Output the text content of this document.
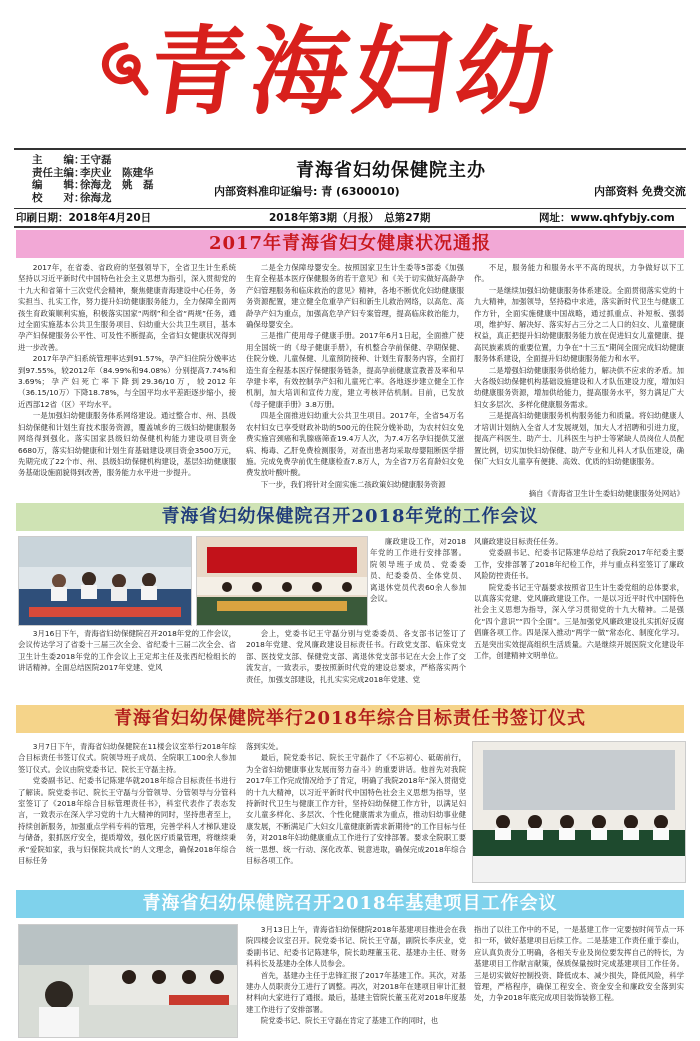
青海妇幼
主　　编：王守磊
责任主编：李庆业　陈建华
编　　辑：徐海龙　姚　磊
校　　对：徐海龙
青海省妇幼保健院主办
内部资料准印证编号: 青 (6300010)	内部资料 免费交流
印刷日期：2018年4月20日	2018年第3期（月报）　总第27期	网址：www.qhfybjy.com
2017年青海省妇女健康状况通报

2017年，在省委、省政府的坚强领导下，全省卫生计生系统坚持以习近平新时代中国特色社会主义思想为指引，深入贯彻党的十九大和省第十三次党代会精神，聚焦健康青海建设中心任务，务实担当、扎实工作，努力提升妇幼健康服务能力，全力保障全面两孩生育政策顺利实施，积极落实国家“两纲”和全省“两规”任务，通过全面实施基本公共卫生服务项目、妇幼重大公共卫生项目，基本孕产妇保健服务公平性、可及性不断提高，全省妇女健康状况得到进一步改善。

2017年孕产妇系统管理率达到91.57%，孕产妇住院分娩率达到97.55%，较2012年（84.99%和94.08%）分别提高7.74%和3.69%；孕产妇死亡率下降到29.36/10万，较2012年（36.15/10万）下降18.78%，与全国平均水平差距逐步缩小，接近西部12省（区）平均水平。

一是加强妇幼健康服务体系网络建设。通过整合市、州、县级妇幼保健和计划生育技术服务资源，覆盖城乡的三级妇幼健康服务网络得到强化。落实国家县级妇幼保健机构能力建设项目资金6680万，落实妇幼健康和计划生育基础建设项目资金3500万元，先期完成了22个市、州、县级妇幼保健机构建设，基层妇幼健康服务基础设施面貌得到改善，服务能力水平进一步提升。

二是全力保障母婴安全。按照国家卫生计生委等5部委《加强生育全程基本医疗保健服务的若干意见》和《关于切实做好高龄孕产妇管理服务和临床救治的意见》精神，各地不断优化妇幼健康服务资源配置，建立健全危重孕产妇和新生儿救治网络，以高危、高龄孕产妇为重点，加强高危孕产妇专案管理，提高临床救治能力，确保母婴安全。

三是推广使用母子健康手册。2017年6月1日起，全面推广使用全国统一的《母子健康手册》，有机整合孕前保健、孕期保健、住院分娩、儿童保健、儿童预防接种、计划生育服务内容，全面打造生育全程基本医疗保健服务链条，提高孕前健康宣教普及率和早孕建卡率，有效控制孕产妇和儿童死亡率。各地逐步建立健全工作机制，加大培训和宣传力度，建立考核评估机制。目前，已发放《母子健康手册》3.8万册。

四是全面推进妇幼重大公共卫生项目。2017年，全省54万名农村妇女已享受财政补助的500元的住院分娩补助，为农村妇女免费实施宫颈癌和乳腺癌筛查19.4万人次，为7.4万名孕妇提供艾滋病、梅毒、乙肝免费检测服务，对查出患者均采取母婴阻断医学措施。完成免费孕前优生健康检查7.8万人，为全省7万名育龄妇女免费发放叶酸叶酸。

下一步，我们将针对全面实施二孩政策妇幼健康服务资源

不足，服务能力和服务水平不高的现状，力争做好以下工作。

一是继续加强妇幼健康服务体系建设。全面贯彻落实党的十九大精神，加强领导，坚持稳中求进，落实新时代卫生与健康工作方针，全面实施健康中国战略，通过抓重点、补短板、强弱项，维护好、解决好、落实好占三分之二人口的妇女、儿童健康权益，真正把提升妇幼健康服务能力放在促进妇女儿童健康、提高民族素质的重要位置，力争在“十三五”期间全面完成妇幼健康服务体系建设，全面提升妇幼健康服务能力和水平。

二是增强妇幼健康服务供给能力，解决供不应求的矛盾。加大各级妇幼保健机构基础设施建设和人才队伍建设力度，增加妇幼健康服务资源，增加供给能力，提高服务水平，努力满足广大妇女多层次、多样化健康服务需求。

三是提高妇幼健康服务机构服务能力和质量。将妇幼健康人才培训计划纳入全省人才发展规划，加大人才招聘和引进力度，提高产科医生、助产士、儿科医生与护士等紧缺人员岗位人员配置比例，切实加快妇幼保健、助产专业和儿科人才队伍建设，确保广大妇女儿童享有便捷、高效、优质的妇幼健康服务。

摘自《青海省卫生计生委妇幼健康服务处网站》
青海省妇幼保健院召开2018年党的工作会议

廉政建设工作，对2018年党的工作进行安排部署。院领导班子成员、党委委员、纪委委员、全体党员、离退休党员代表60余人参加会议。

3月16日下午，青海省妇幼保健院召开2018年党的工作会议，会议传达学习了省委十三届三次全会、省纪委十三届二次全会、省卫生计生委2018年党的工作会议上王定邦主任及张西纪检组长的讲话精神。全面总结医院2017年党建、党风

会上，党委书记王守磊分别与党委委员、各支部书记签订了2018年党建、党风廉政建设目标责任书。行政党支部、临床党支部、医技党支部、保健党支部、离退休党支部书记在大会上作了交流发言，一致表示，要按照新时代党的建设总要求，严格落实两个责任，加强支部建设，扎扎实实完成2018年党建、党

风廉政建设目标责任任务。

党委副书记、纪委书记陈建华总结了我院2017年纪委主要工作，安排部署了2018年纪检工作，并与重点科室签订了廉政风险防控责任书。

院党委书记王守磊要求按照省卫生计生委党组的总体要求，以真落实党建、党风廉政建设工作。一是以习近平时代中国特色社会主义思想为指导，深入学习贯彻党的十九大精神。二是强化“四个意识”“四个全面”。三是加强党风廉政建设扎实抓好反腐倡廉各项工作。四是深入推动“两学一做”常态化、制度化学习。五是突出实效提高组织生活质量。六是继续开展医院文化建设年工作，创建精神文明单位。

青海省妇幼保健院举行2018年综合目标责任书签订仪式

3月7日下午，青海省妇幼保健院在11楼会议室举行2018年综合目标责任书签订仪式。院领导班子成员、全院职工100余人参加签订仪式。会议由院党委书记、院长王守磊主持。

党委副书记、纪委书记陈建华就2018年综合目标责任书进行了解读。院党委书记、院长王守磊与分管领导、分管领导与分管科室签订了《2018年综合目标管理责任书》，科室代表作了表态发言，一致表示在深入学习党的十九大精神的同时，坚持患者至上，持续创新服务，加强重点学科专科的管理，完善学科人才梯队建设与储备，狠抓医疗安全，提质增效，强化医疗质量管理，将继续秉承“爱院如家，我与妇保院共成长”的人文理念，确保2018年综合目标任务

落到实处。

最后，院党委书记、院长王守磊作了《不忘初心、砥砺前行，为全省妇幼健康事业发展而努力奋斗》的重要讲话。他首先对我院2017年工作完成情况给予了肯定，明确了我院2018年“深入贯彻党的十九大精神，以习近平新时代中国特色社会主义思想为指导，坚持新时代卫生与健康工作方针，坚持妇幼保健工作方针，以满足妇女儿童多样化、多层次、个性化健康需求为重点，推动妇幼事业健康发展，不断满足广大妇女儿童健康新需求新期待”的工作目标与任务，对2018年妇幼健康重点工作进行了安排部署。要求全院职工要统一思想、统一行动、深化改革、锐意进取，确保完成2018年综合目标各项工作。

青海省妇幼保健院召开2018年基建项目工作会议

3月13日上午，青海省妇幼保健院2018年基建项目推进会在我院四楼会议室召开。院党委书记、院长王守磊，副院长李庆业，党委副书记、纪委书记陈建华，院长助理董玉花、基建办主任、财务科科长及基建办全体人员参会。

首先，基建办主任于忠锋汇报了2017年基建工作。其次，对基建办人员职责分工进行了调整。再次，对2018年在建项目审计汇报材料向大家进行了通报。最后，基建主管院长董玉花对2018年度基建工作进行了安排部署。

院党委书记、院长王守磊在肯定了基建工作的同时，也

指出了以往工作中的不足，一是基建工作一定要按时间节点一环扣一环，做好基建项目后续工作。二是基建工作责任重于泰山，应认真负责分工明确，各相关专业及岗位要发挥自己的特长，为基建项目工作献言献策，保质保量按时完成基建项目工作任务。三是切实做好控制投资、降低成本、减少损失，降低风险，科学管理，严格程序，确保工程安全、资金安全和廉政安全落到实处，力争2018年底完成项目装饰装修工程。
